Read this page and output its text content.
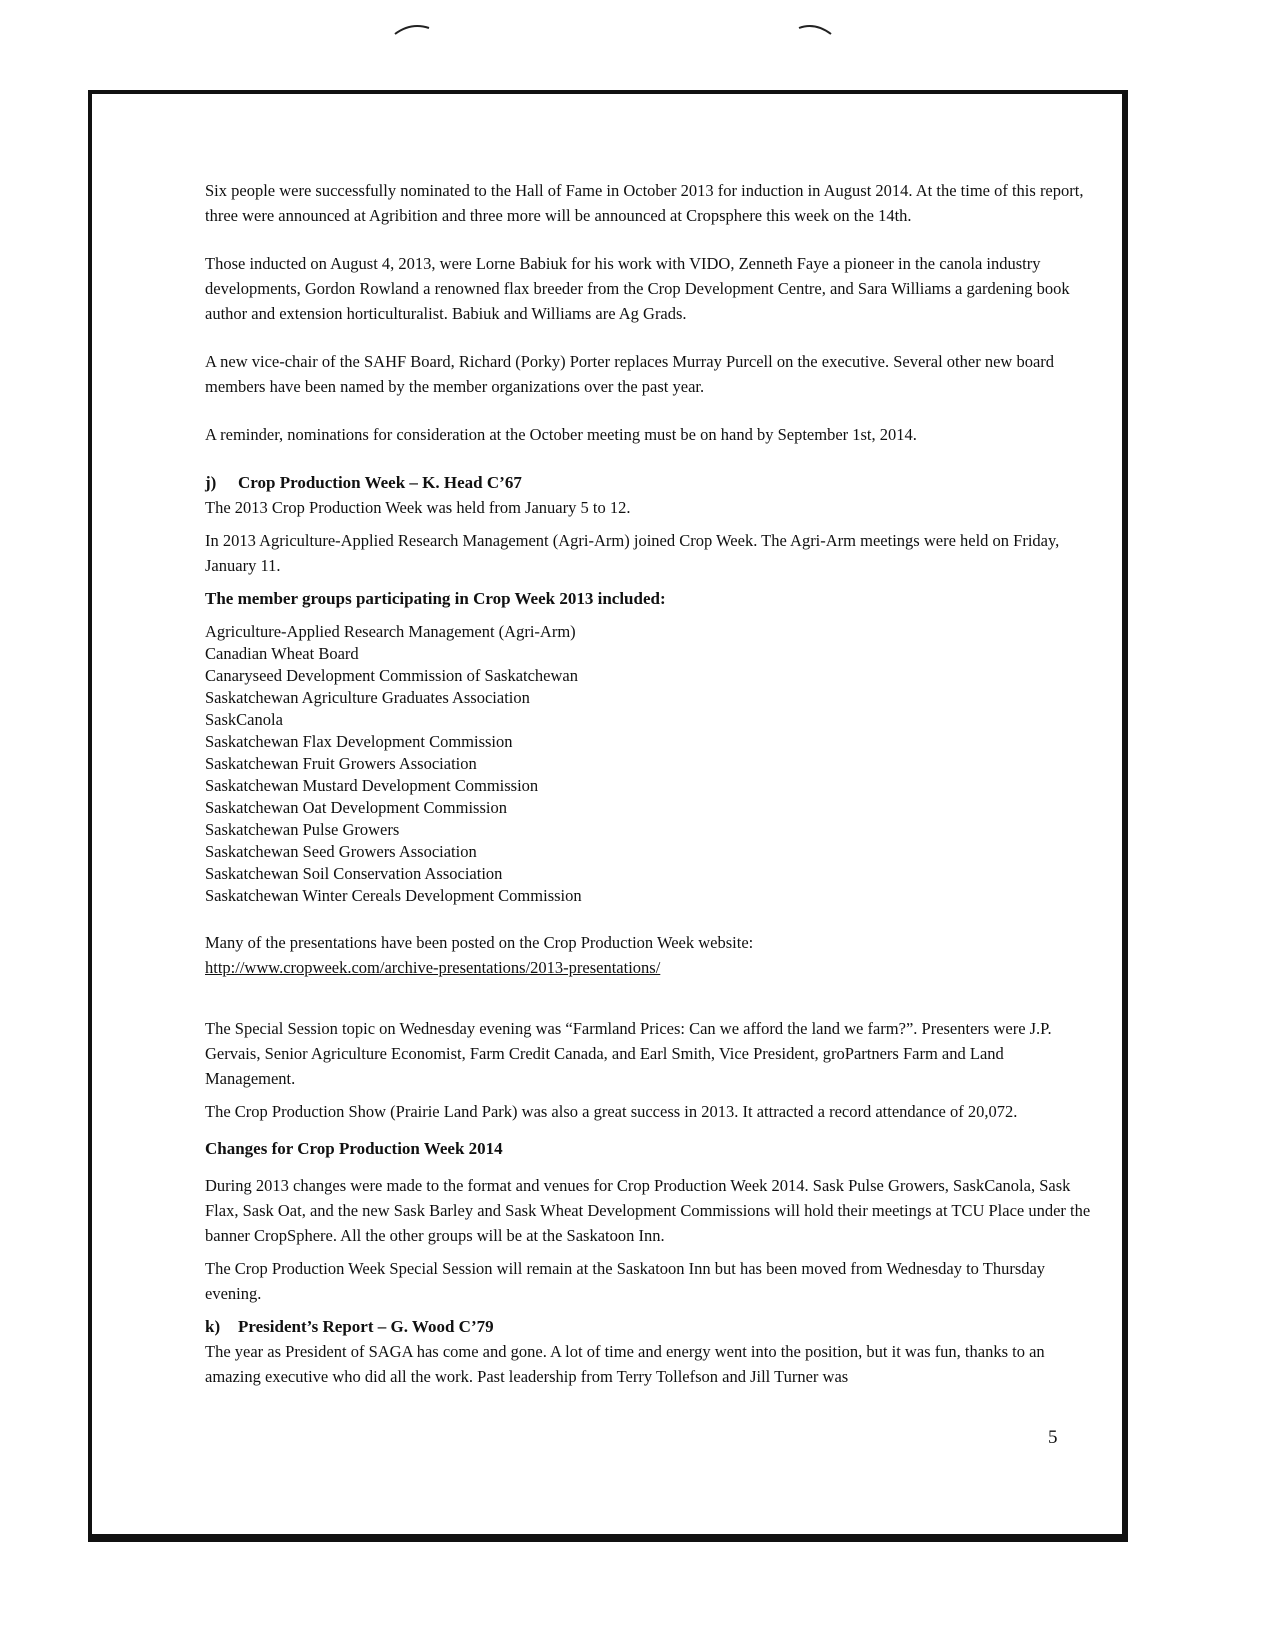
Six people were successfully nominated to the Hall of Fame in October 2013 for induction in August 2014. At the time of this report, three were announced at Agribition and three more will be announced at Cropsphere this week on the 14th.

Those inducted on August 4, 2013, were Lorne Babiuk for his work with VIDO, Zenneth Faye a pioneer in the canola industry developments, Gordon Rowland a renowned flax breeder from the Crop Development Centre, and Sara Williams a gardening book author and extension horticulturalist. Babiuk and Williams are Ag Grads.

A new vice-chair of the SAHF Board, Richard (Porky) Porter replaces Murray Purcell on the executive. Several other new board members have been named by the member organizations over the past year.

A reminder, nominations for consideration at the October meeting must be on hand by September 1st, 2014.

j) Crop Production Week – K. Head C’67

The 2013 Crop Production Week was held from January 5 to 12.

In 2013 Agriculture-Applied Research Management (Agri-Arm) joined Crop Week. The Agri-Arm meetings were held on Friday, January 11.

The member groups participating in Crop Week 2013 included:

Agriculture-Applied Research Management (Agri-Arm)
Canadian Wheat Board
Canaryseed Development Commission of Saskatchewan
Saskatchewan Agriculture Graduates Association
SaskCanola
Saskatchewan Flax Development Commission
Saskatchewan Fruit Growers Association
Saskatchewan Mustard Development Commission
Saskatchewan Oat Development Commission
Saskatchewan Pulse Growers
Saskatchewan Seed Growers Association
Saskatchewan Soil Conservation Association
Saskatchewan Winter Cereals Development Commission

Many of the presentations have been posted on the Crop Production Week website:

http://www.cropweek.com/archive-presentations/2013-presentations/

The Special Session topic on Wednesday evening was “Farmland Prices: Can we afford the land we farm?”. Presenters were J.P. Gervais, Senior Agriculture Economist, Farm Credit Canada, and Earl Smith, Vice President, groPartners Farm and Land Management.

The Crop Production Show (Prairie Land Park) was also a great success in 2013. It attracted a record attendance of 20,072.

Changes for Crop Production Week 2014

During 2013 changes were made to the format and venues for Crop Production Week 2014. Sask Pulse Growers, SaskCanola, Sask Flax, Sask Oat, and the new Sask Barley and Sask Wheat Development Commissions will hold their meetings at TCU Place under the banner CropSphere. All the other groups will be at the Saskatoon Inn.

The Crop Production Week Special Session will remain at the Saskatoon Inn but has been moved from Wednesday to Thursday evening.

k) President’s Report – G. Wood C’79

The year as President of SAGA has come and gone. A lot of time and energy went into the position, but it was fun, thanks to an amazing executive who did all the work. Past leadership from Terry Tollefson and Jill Turner was

5
